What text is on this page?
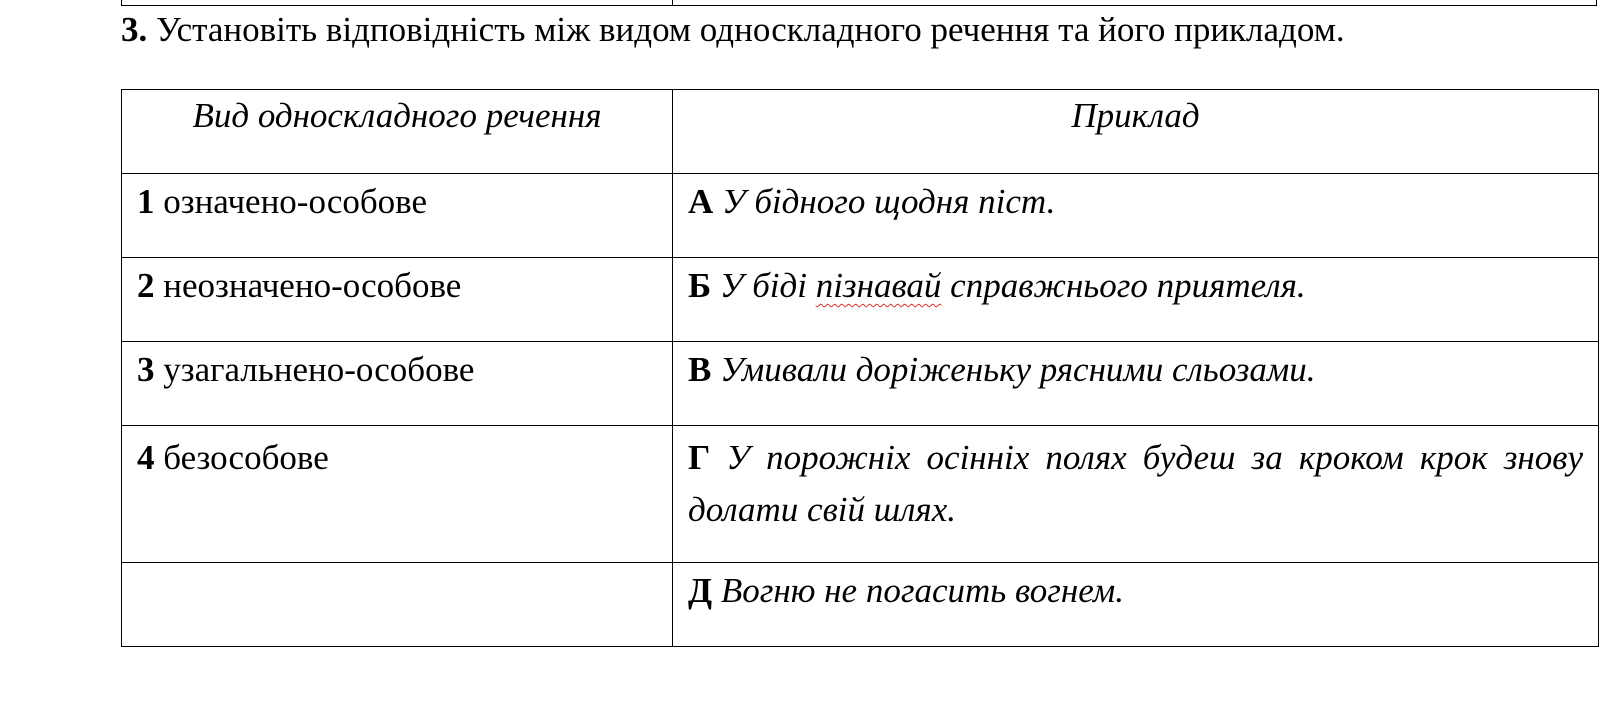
3. Установіть відповідність між видом односкладного речення та його прикладом.
Вид односкладного речення	Приклад
1 означено-особове	А У бідного щодня піст.
2 неозначено-особове	Б У біді пізнавай справжнього приятеля.
3 узагальнено-особове	В Умивали доріженьку рясними сльозами.
4 безособове	Г У порожніх осінніх полях будеш за кроком крок знову долати свій шлях.
	Д Вогню не погасить вогнем.
